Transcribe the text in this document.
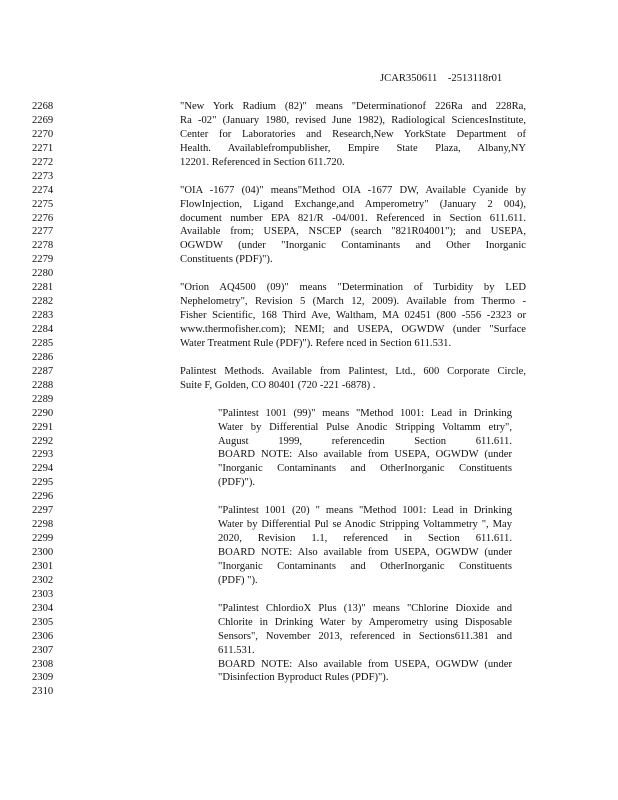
JCAR350611 -2513118r01
2268
2269
2270
2271
2272
2273
2274
2275
2276
2277
2278
2279
2280
2281
2282
2283
2284
2285
2286
2287
2288
2289
2290
2291
2292
2293
2294
2295
2296
2297
2298
2299
2300
2301
2302
2303
2304
2305
2306
2307
2308
2309
2310
"New York Radium (82)" means "Determinationof 226Ra and 228Ra,
Ra -02" (January 1980, revised June 1982), Radiological SciencesInstitute,
Center for Laboratories and Research,New YorkState Department of
Health. Availablefrompublisher, Empire State Plaza, Albany,NY
12201. Referenced in Section 611.720.
"OIA -1677 (04)" means"Method OIA -1677 DW, Available Cyanide by
FlowInjection, Ligand Exchange,and Amperometry" (January 2 004),
document number EPA 821/R -04/001. Referenced in Section 611.611.
Available from; USEPA, NSCEP (search "821R04001"); and USEPA,
OGWDW (under "Inorganic Contaminants and Other Inorganic
Constituents (PDF)").
"Orion AQ4500 (09)" means "Determination of Turbidity by LED
Nephelometry", Revision 5 (March 12, 2009). Available from Thermo -
Fisher Scientific, 168 Third Ave, Waltham, MA 02451 (800 -556 -2323 or
www.thermofisher.com); NEMI; and USEPA, OGWDW (under "Surface
Water Treatment Rule (PDF)"). Refere nced in Section 611.531.
Palintest Methods. Available from Palintest, Ltd., 600 Corporate Circle,
Suite F, Golden, CO 80401 (720 -221 -6878) .
"Palintest 1001 (99)" means "Method 1001: Lead in Drinking
Water by Differential Pulse Anodic Stripping Voltamm etry",
August 1999, referencedin Section 611.611.
BOARD NOTE: Also available from USEPA, OGWDW (under
"Inorganic Contaminants and OtherInorganic Constituents
(PDF)").
"Palintest 1001 (20) " means "Method 1001: Lead in Drinking
Water by Differential Pul se Anodic Stripping Voltammetry ", May
2020, Revision 1.1, referenced in Section 611.611.
BOARD NOTE: Also available from USEPA, OGWDW (under
"Inorganic Contaminants and OtherInorganic Constituents
(PDF) ").
"Palintest ChlordioX Plus (13)" means "Chlorine Dioxide and
Chlorite in Drinking Water by Amperometry using Disposable
Sensors", November 2013, referenced in Sections611.381 and
611.531.
BOARD NOTE: Also available from USEPA, OGWDW (under
"Disinfection Byproduct Rules (PDF)").
